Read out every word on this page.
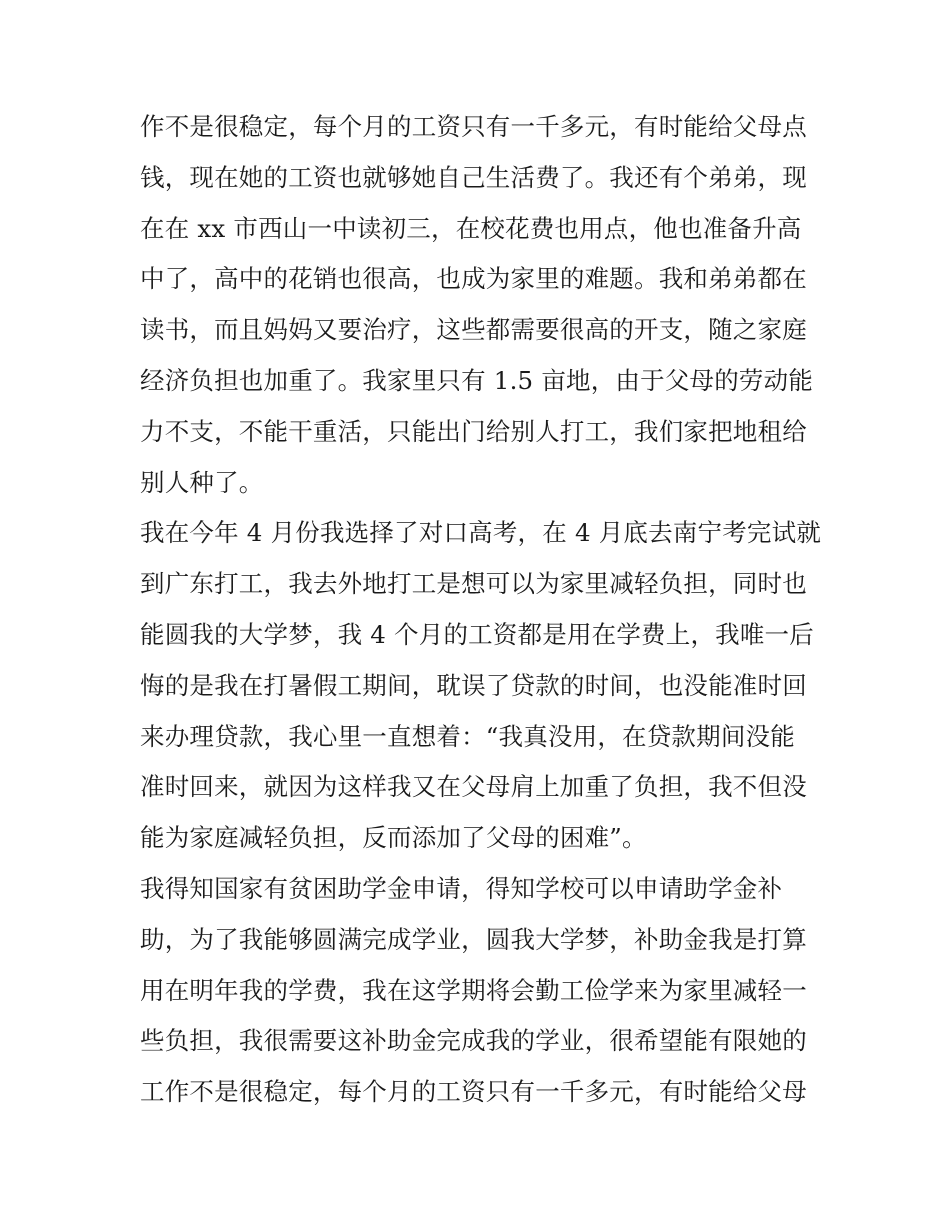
作不是很稳定，每个月的工资只有一千多元，有时能给父母点
钱，现在她的工资也就够她自己生活费了。我还有个弟弟，现
在在 xx 市西山一中读初三，在校花费也用点，他也准备升高
中了，高中的花销也很高，也成为家里的难题。我和弟弟都在
读书，而且妈妈又要治疗，这些都需要很高的开支，随之家庭
经济负担也加重了。我家里只有 1.5 亩地，由于父母的劳动能
力不支，不能干重活，只能出门给别人打工，我们家把地租给
别人种了。
我在今年 4 月份我选择了对口高考，在 4 月底去南宁考完试就
到广东打工，我去外地打工是想可以为家里减轻负担，同时也
能圆我的大学梦，我 4 个月的工资都是用在学费上，我唯一后
悔的是我在打暑假工期间，耽误了贷款的时间，也没能准时回
来办理贷款，我心里一直想着：“我真没用，在贷款期间没能
准时回来，就因为这样我又在父母肩上加重了负担，我不但没
能为家庭减轻负担，反而添加了父母的困难”。
我得知国家有贫困助学金申请，得知学校可以申请助学金补
助，为了我能够圆满完成学业，圆我大学梦，补助金我是打算
用在明年我的学费，我在这学期将会勤工俭学来为家里减轻一
些负担，我很需要这补助金完成我的学业，很希望能有限她的
工作不是很稳定，每个月的工资只有一千多元，有时能给父母
